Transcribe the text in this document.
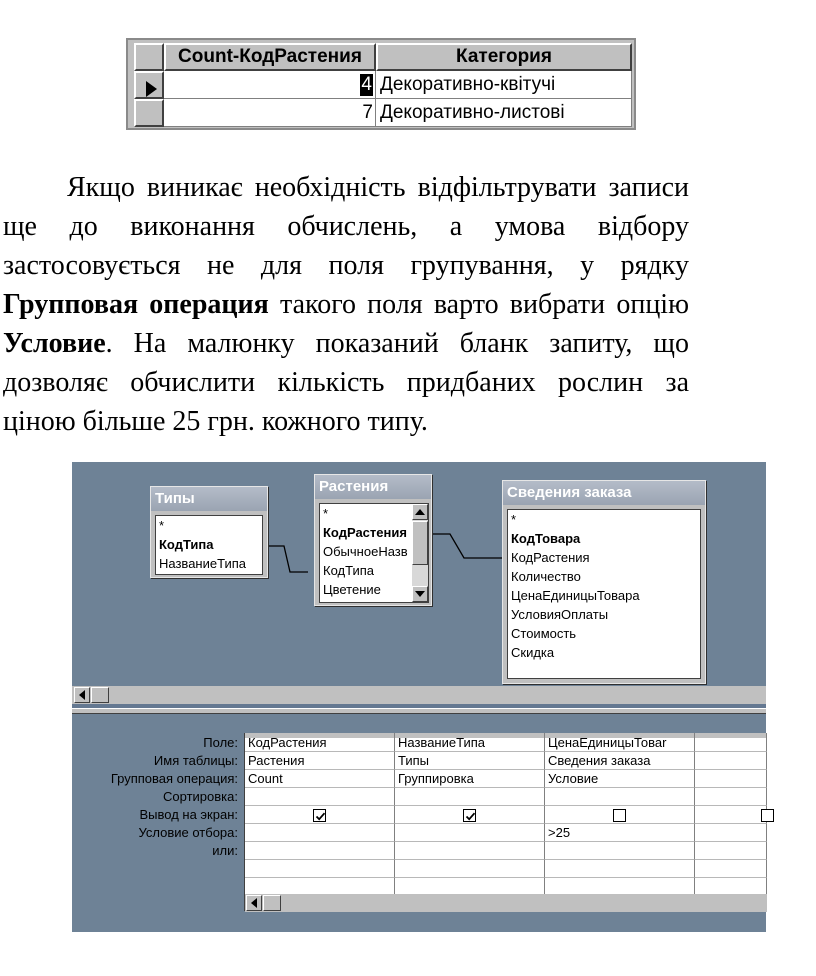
Count-КодРастения	Категория
4 Декоративно-квітучі
7 Декоративно-листові

Якщо виникає необхідність відфільтрувати записи ще до виконання обчислень, а умова відбору застосовується не для поля групування, у рядку Групповая операция такого поля варто вибрати опцію Условие. На малюнку показаний бланк запиту, що дозволяє обчислити кількість придбаних рослин за ціною більше 25 грн. кожного типу.

Типы
*
КодТипа
НазваниеТипа
Растения
*
КодРастения
ОбычноеНазв
КодТипа
Цветение
Сведения заказа
*
КодТовара
КодРастения
Количество
ЦенаЕдиницыТовара
УсловияОплаты
Стоимость
Скидка
Поле:
Имя таблицы:
Групповая операция:
Сортировка:
Вывод на экран:
Условие отбора:
или:
КодРастения
Растения
Count
НазваниеТипа
Типы
Группировка
ЦенаЕдиницыТоваr
Сведения заказа
Условие
>25
